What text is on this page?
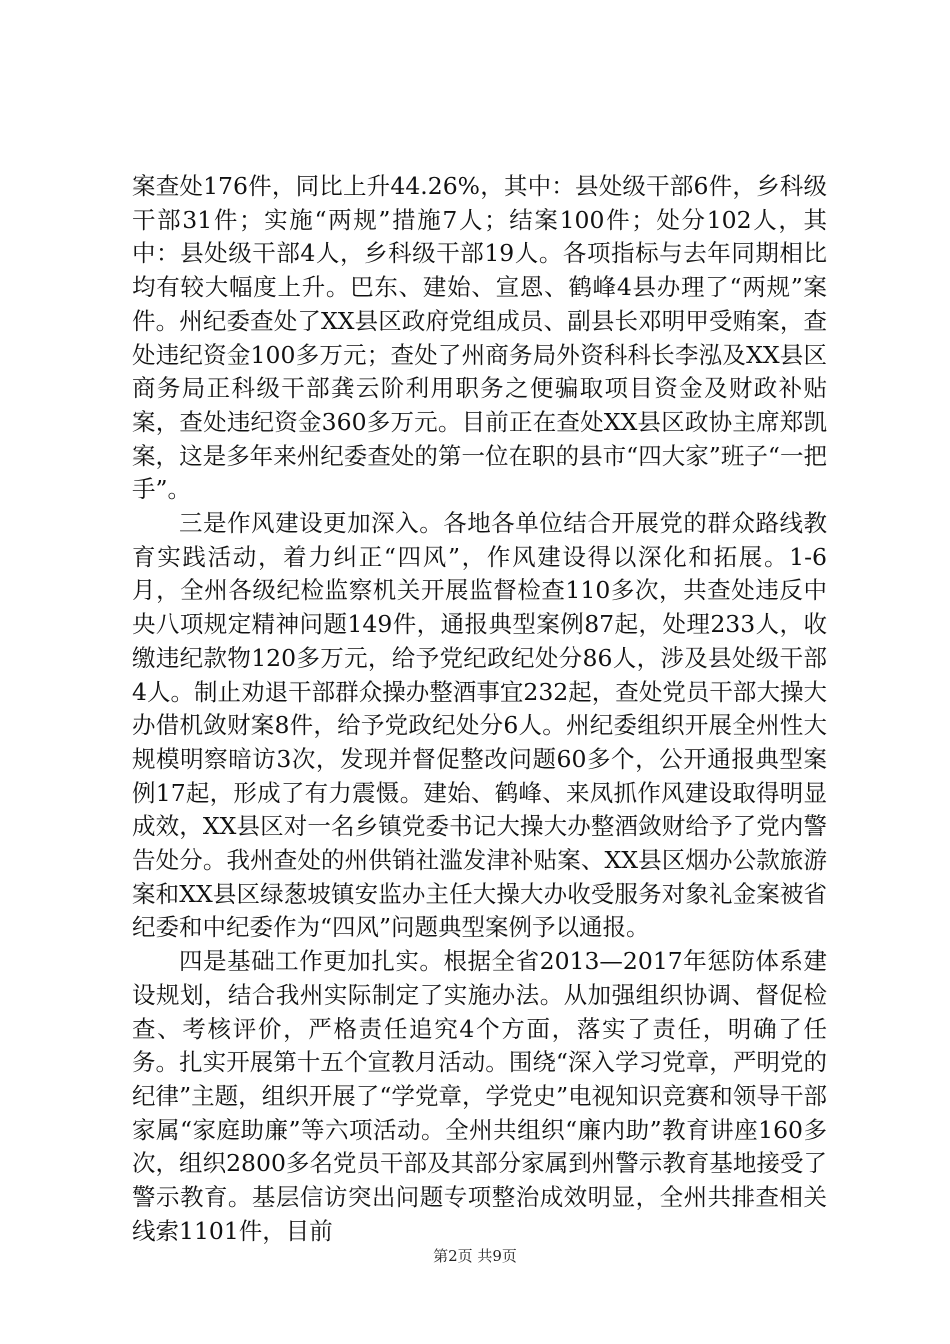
案查处176件，同比上升44.26%，其中：县处级干部6件，乡科级干部31件；实施“两规”措施7人；结案100件；处分102人，其中：县处级干部4人，乡科级干部19人。各项指标与去年同期相比均有较大幅度上升。巴东、建始、宣恩、鹤峰4县办理了“两规”案件。州纪委查处了XX县区政府党组成员、副县长邓明甲受贿案，查处违纪资金100多万元；查处了州商务局外资科科长李泓及XX县区商务局正科级干部龚云阶利用职务之便骗取项目资金及财政补贴案，查处违纪资金360多万元。目前正在查处XX县区政协主席郑凯案，这是多年来州纪委查处的第一位在职的县市“四大家”班子“一把手”。

三是作风建设更加深入。各地各单位结合开展党的群众路线教育实践活动，着力纠正“四风”，作风建设得以深化和拓展。1-6月，全州各级纪检监察机关开展监督检查110多次，共查处违反中央八项规定精神问题149件，通报典型案例87起，处理233人，收缴违纪款物120多万元，给予党纪政纪处分86人，涉及县处级干部4人。制止劝退干部群众操办整酒事宜232起，查处党员干部大操大办借机敛财案8件，给予党政纪处分6人。州纪委组织开展全州性大规模明察暗访3次，发现并督促整改问题60多个，公开通报典型案例17起，形成了有力震慑。建始、鹤峰、来凤抓作风建设取得明显成效，XX县区对一名乡镇党委书记大操大办整酒敛财给予了党内警告处分。我州查处的州供销社滥发津补贴案、XX县区烟办公款旅游案和XX县区绿葱坡镇安监办主任大操大办收受服务对象礼金案被省纪委和中纪委作为“四风”问题典型案例予以通报。

四是基础工作更加扎实。根据全省2013—2017年惩防体系建设规划，结合我州实际制定了实施办法。从加强组织协调、督促检查、考核评价，严格责任追究4个方面，落实了责任，明确了任务。扎实开展第十五个宣教月活动。围绕“深入学习党章，严明党的纪律”主题，组织开展了“学党章，学党史”电视知识竞赛和领导干部家属“家庭助廉”等六项活动。全州共组织“廉内助”教育讲座160多次，组织2800多名党员干部及其部分家属到州警示教育基地接受了警示教育。基层信访突出问题专项整治成效明显，全州共排查相关线索1101件，目前

第2页 共9页
